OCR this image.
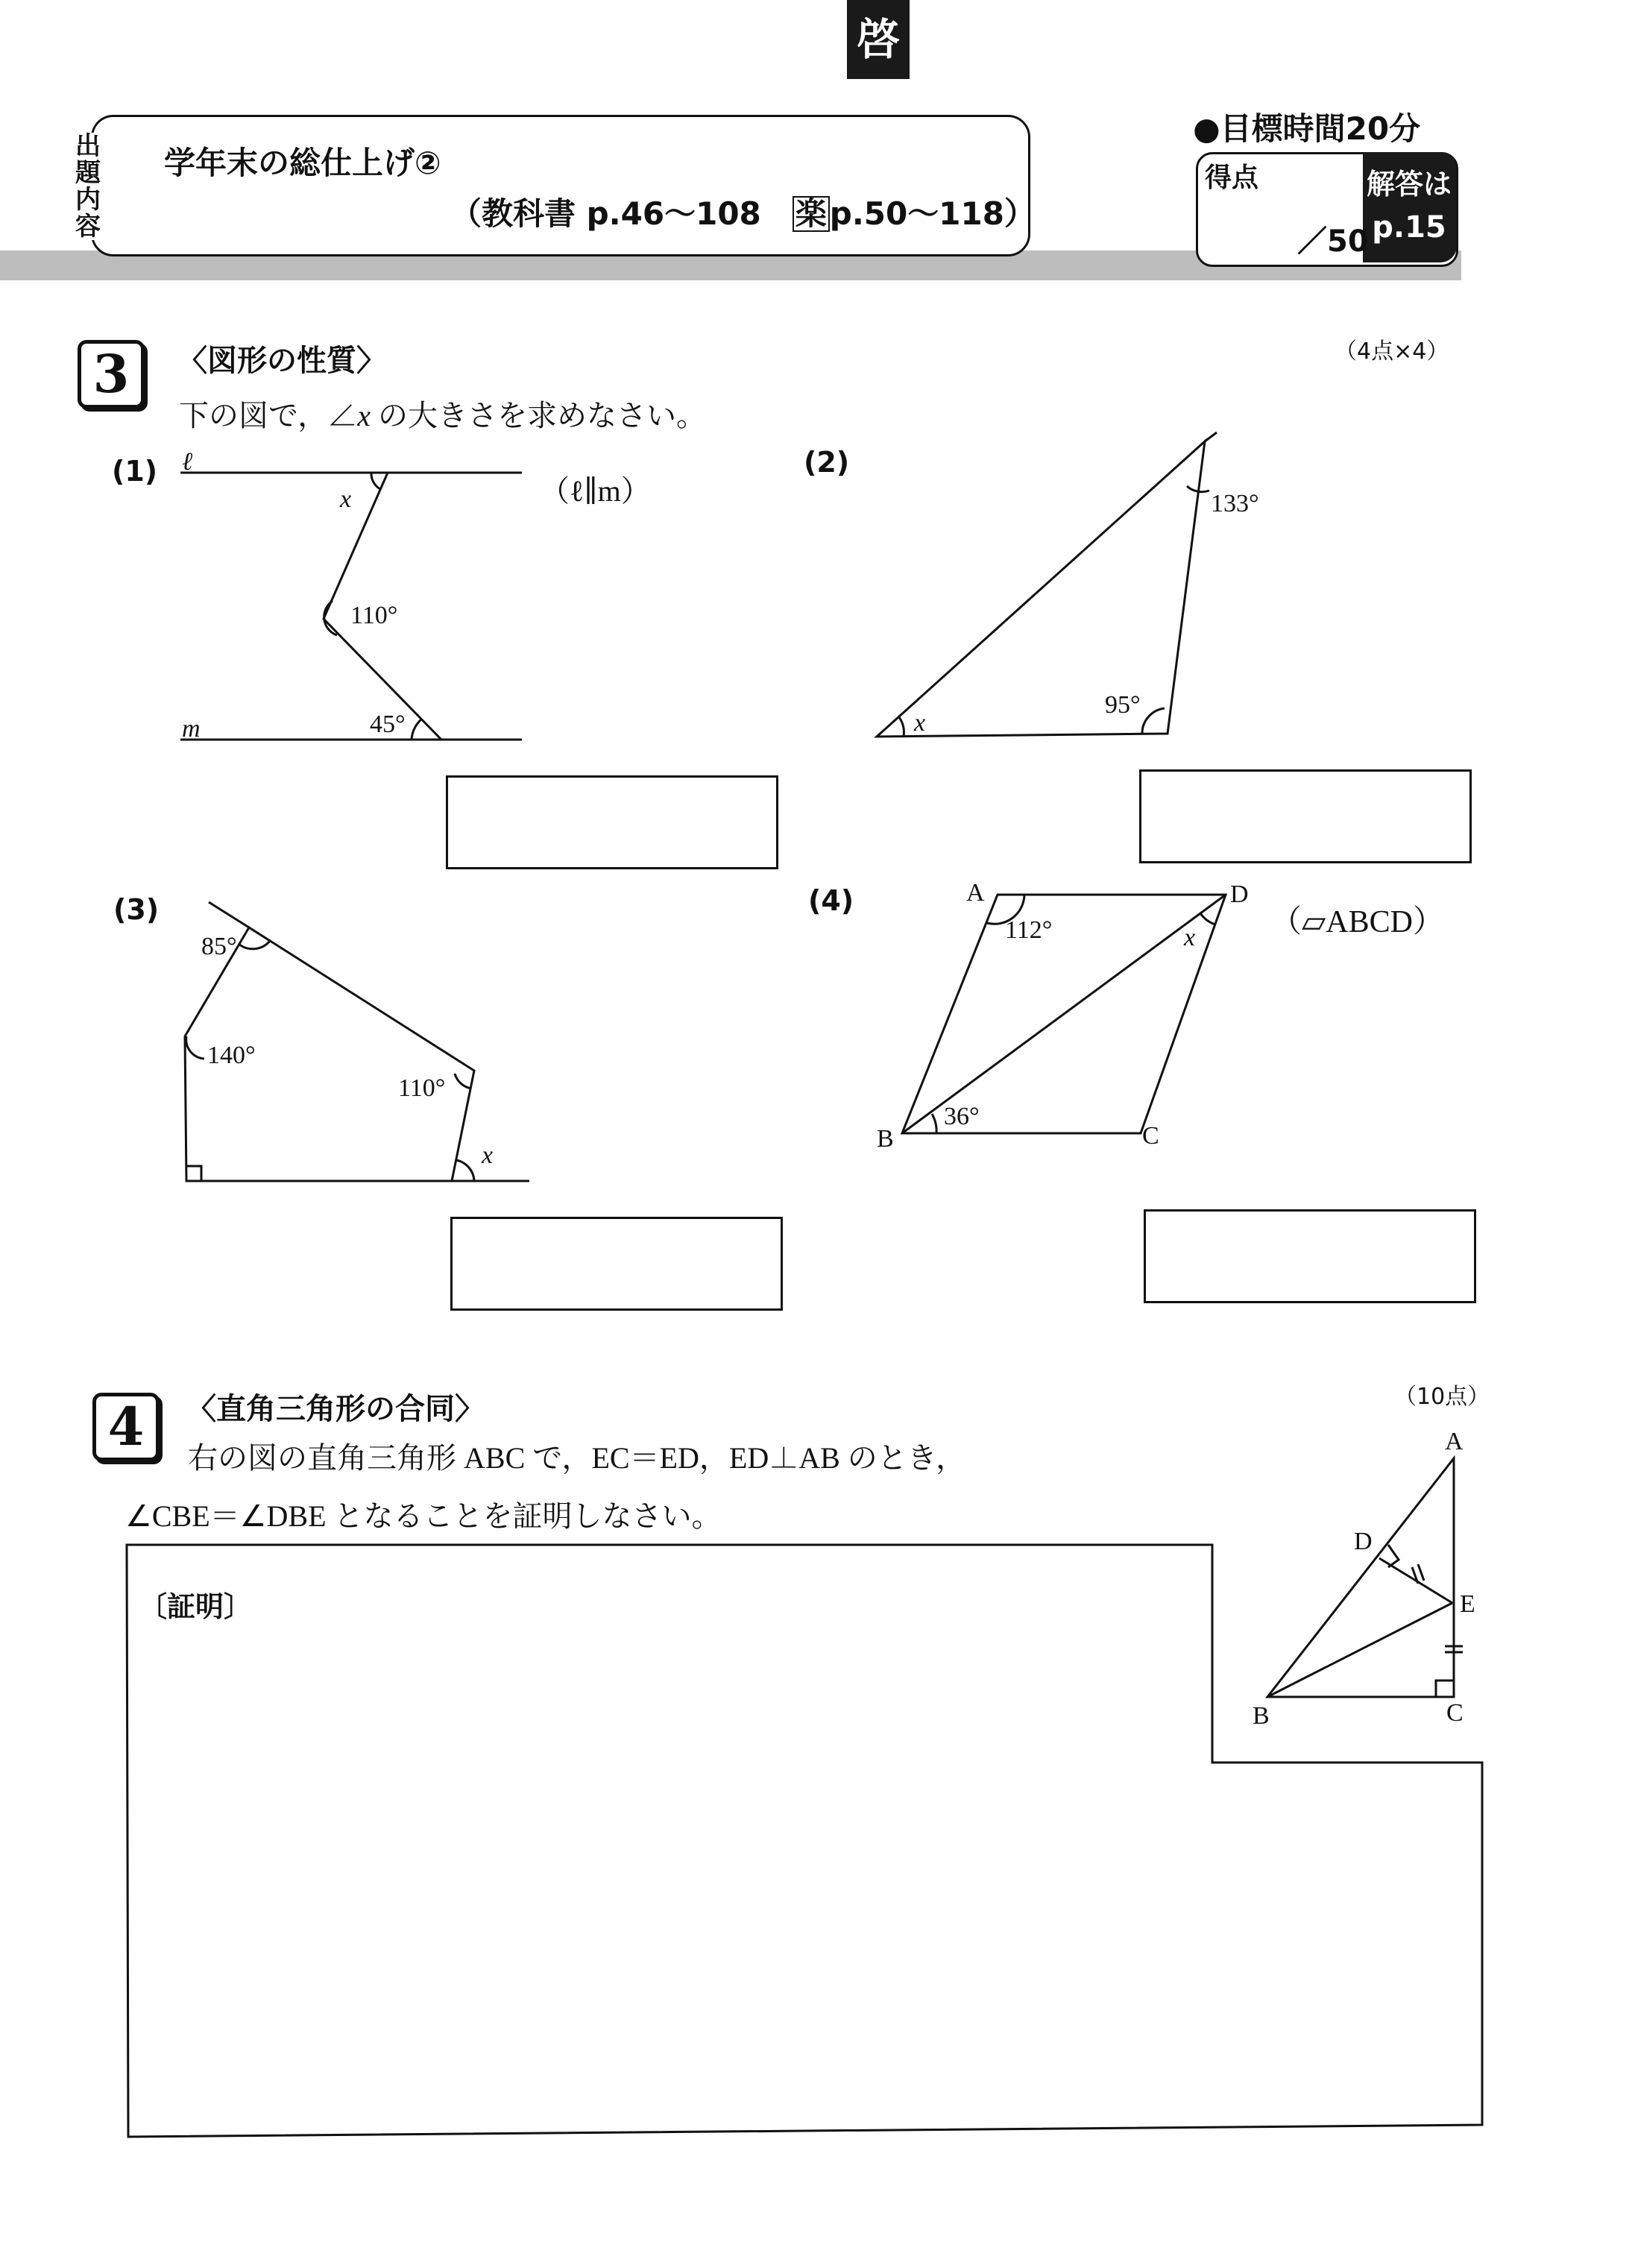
啓
出
題
内
容
学年末の総仕上げ②
（教科書 p.46〜108　楽p.50〜118）
●目標時間20分
得点
／50
解答は
p.15
3	〈図形の性質〉	（4点×4）
下の図で，∠x の大きさを求めなさい。
(1)	(2)
(3)	(4)
ℓ
m
x
110°
45°
（ℓ∥m）	133°
x
95°
85°
140°
110°
x
A	D
B	C
112°
36°
x （▱ABCD）
4	〈直角三角形の合同〉	（10点）
右の図の直角三角形 ABC で，EC＝ED，ED⊥AB のとき，
∠CBE＝∠DBE となることを証明しなさい。
〔証明〕
A
D
E
B	C
